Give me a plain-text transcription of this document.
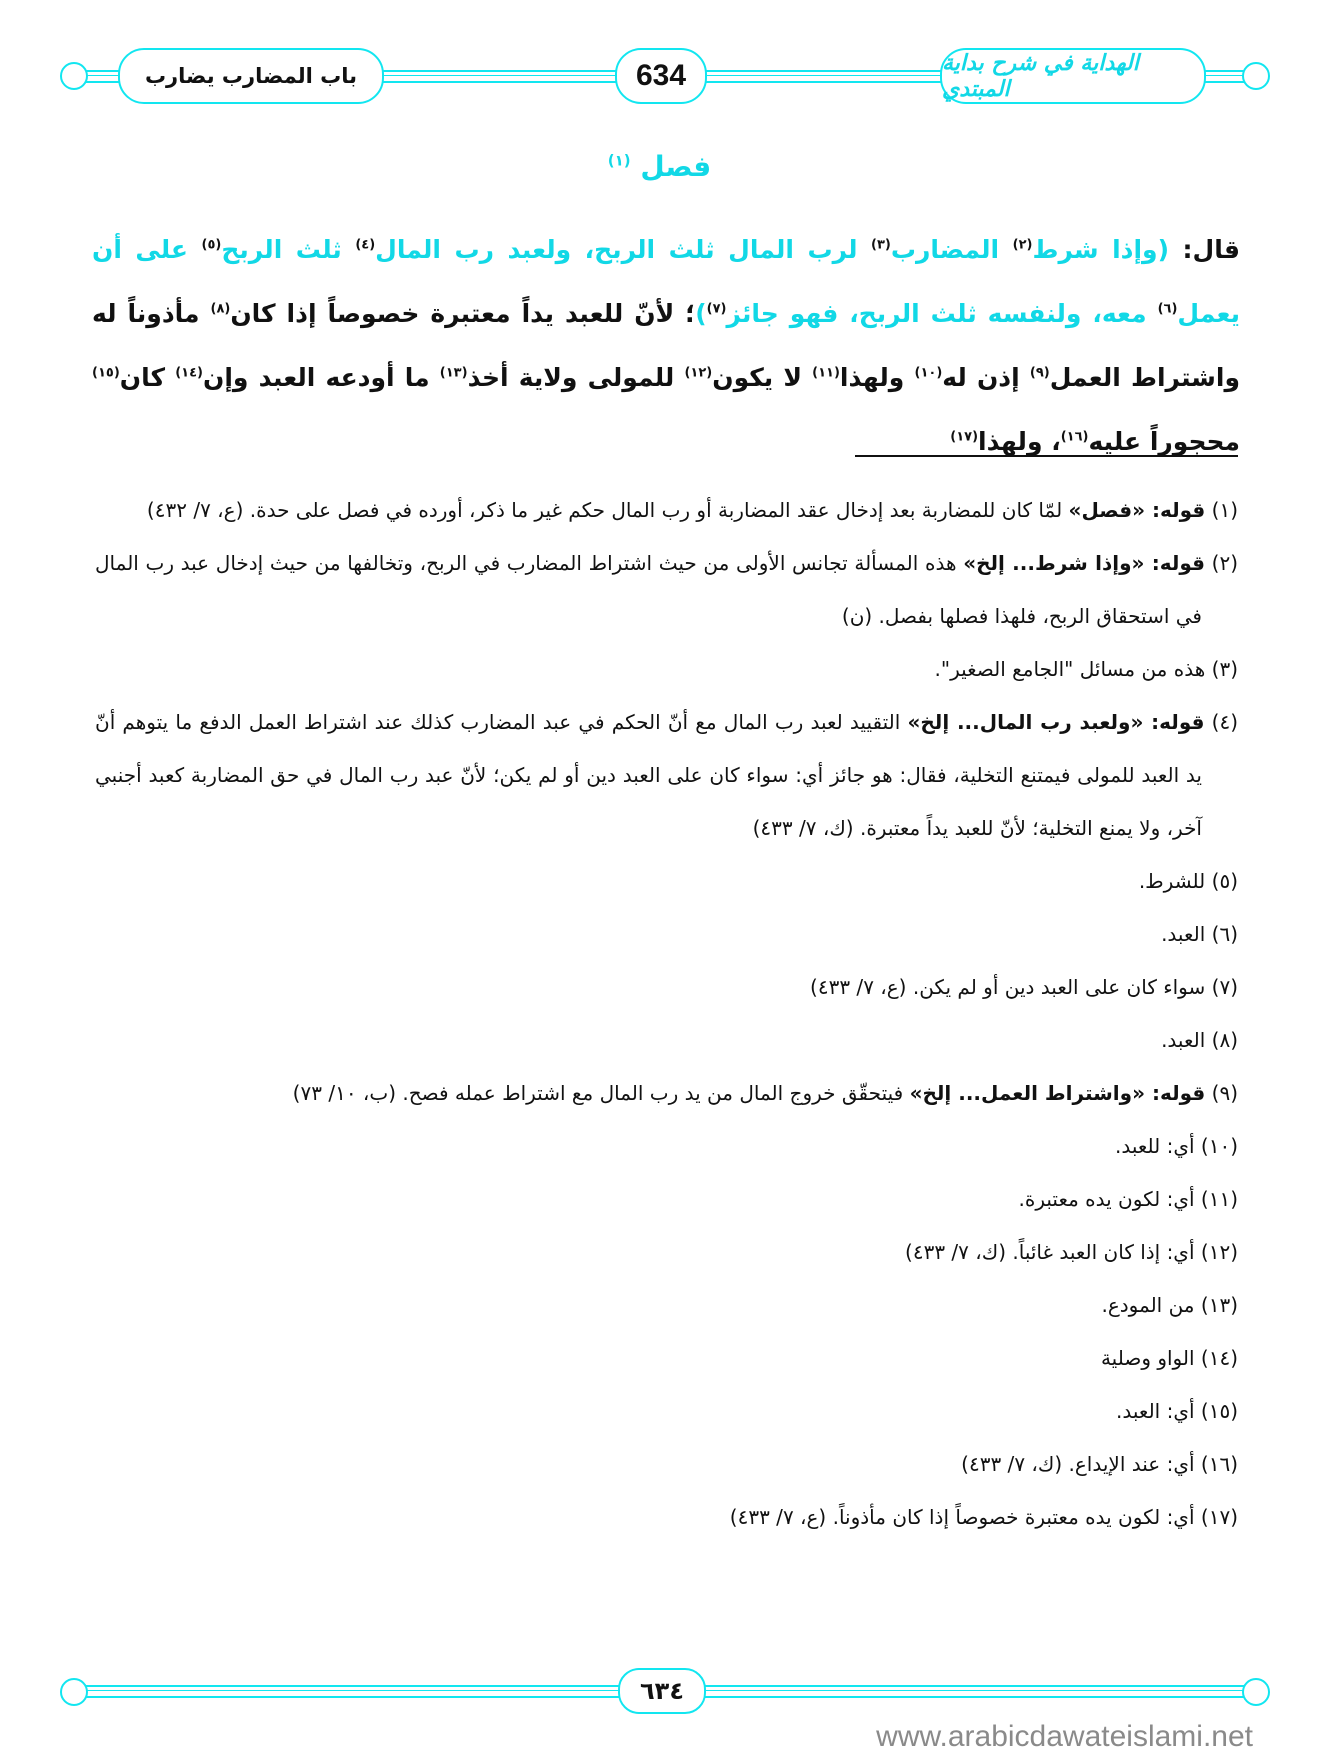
باب المضارب يضارب	634	الهداية في شرح بداية المبتدي
فصل $^{(١)}$
قال: (وإذا شرط$^{(٢)}$ المضارب$^{(٣)}$ لرب المال ثلث الربح، ولعبد رب المال$^{(٤)}$ ثلث الربح$^{(٥)}$ على أن يعمل$^{(٦)}$ معه، ولنفسه ثلث الربح، فهو جائز$^{(٧)}$)؛ لأنّ للعبد يداً معتبرة خصوصاً إذا كان$^{(٨)}$ مأذوناً له واشتراط العمل$^{(٩)}$ إذن له$^{(١٠)}$ ولهذا$^{(١١)}$ لا يكون$^{(١٢)}$ للمولى ولاية أخذ$^{(١٣)}$ ما أودعه العبد وإن$^{(١٤)}$ كان$^{(١٥)}$ محجوراً عليه$^{(١٦)}$، ولهذا$^{(١٧)}$
(١) قوله: «فصل» لمّا كان للمضاربة بعد إدخال عقد المضاربة أو رب المال حكم غير ما ذكر، أورده في فصل على حدة. (ع، ٧/ ٤٣٢)
(٢) قوله: «وإذا شرط... إلخ» هذه المسألة تجانس الأولى من حيث اشتراط المضارب في الربح، وتخالفها من حيث إدخال عبد رب المال في استحقاق الربح، فلهذا فصلها بفصل. (ن)
(٣) هذه من مسائل "الجامع الصغير".
(٤) قوله: «ولعبد رب المال... إلخ» التقييد لعبد رب المال مع أنّ الحكم في عبد المضارب كذلك عند اشتراط العمل الدفع ما يتوهم أنّ يد العبد للمولى فيمتنع التخلية، فقال: هو جائز أي: سواء كان على العبد دين أو لم يكن؛ لأنّ عبد رب المال في حق المضاربة كعبد أجنبي آخر، ولا يمنع التخلية؛ لأنّ للعبد يداً معتبرة. (ك، ٧/ ٤٣٣)
(٥) للشرط.
(٦) العبد.
(٧) سواء كان على العبد دين أو لم يكن. (ع، ٧/ ٤٣٣)
(٨) العبد.
(٩) قوله: «واشتراط العمل... إلخ» فيتحقّق خروج المال من يد رب المال مع اشتراط عمله فصح. (ب، ١٠/ ٧٣)
(١٠) أي: للعبد.
(١١) أي: لكون يده معتبرة.
(١٢) أي: إذا كان العبد غائباً. (ك، ٧/ ٤٣٣)
(١٣) من المودع.
(١٤) الواو وصلية
(١٥) أي: العبد.
(١٦) أي: عند الإيداع. (ك، ٧/ ٤٣٣)
(١٧) أي: لكون يده معتبرة خصوصاً إذا كان مأذوناً. (ع، ٧/ ٤٣٣)
٦٣٤
www.arabicdawateislami.net
